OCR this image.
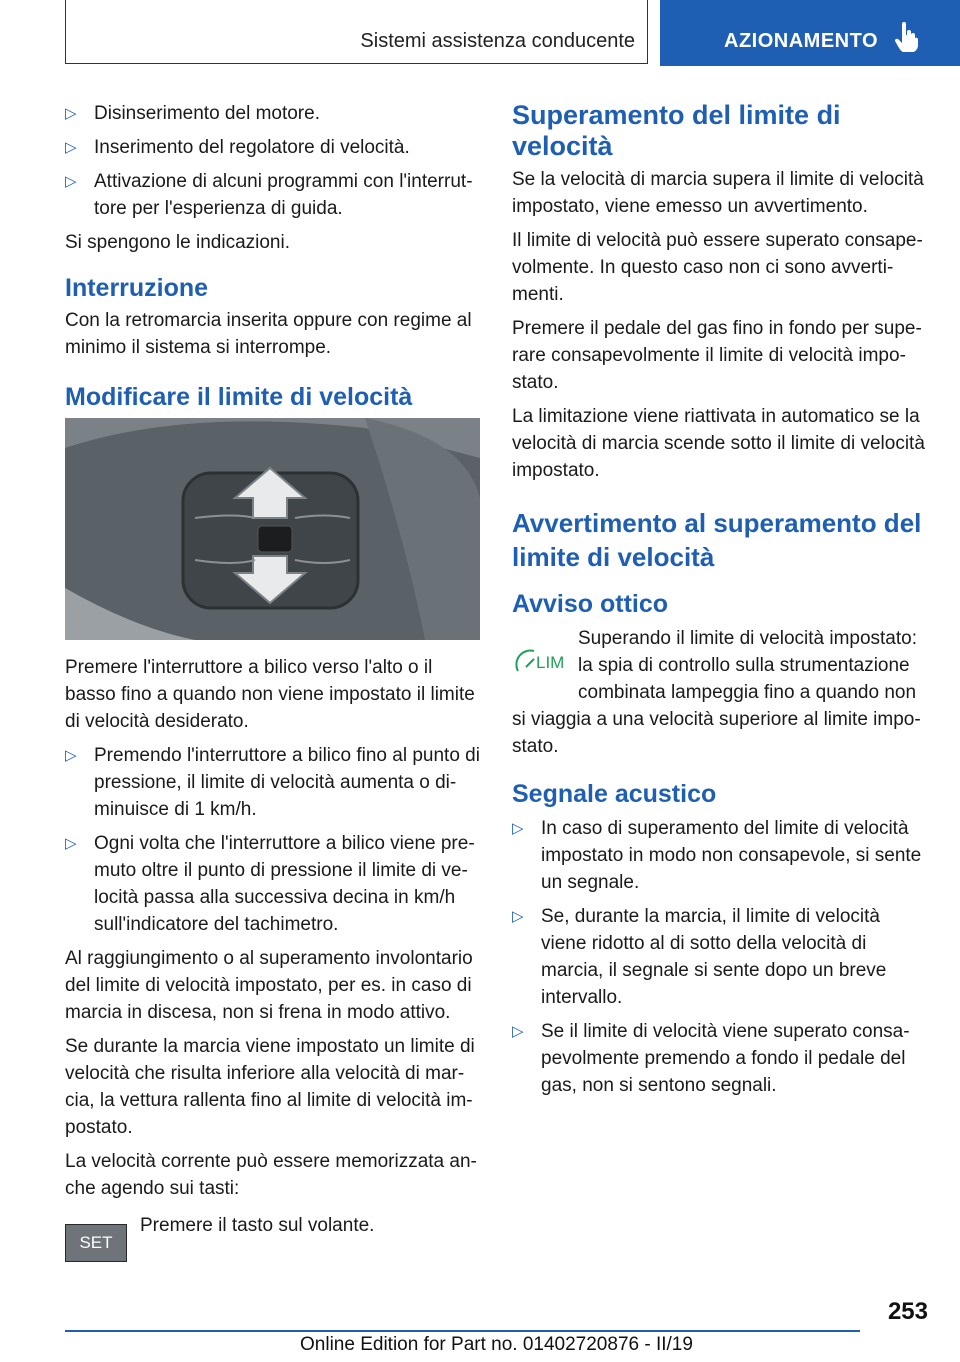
Sistemi assistenza conducente	AZIONAMENTO
▷ Disinserimento del motore.
▷ Inserimento del regolatore di velocità.
▷ Attivazione di alcuni programmi con l'interruttore per l'esperienza di guida.

Si spengono le indicazioni.

Interruzione

Con la retromarcia inserita oppure con regime al minimo il sistema si interrompe.

Modificare il limite di velocità

Premere l'interruttore a bilico verso l'alto o il basso fino a quando non viene impostato il limite di velocità desiderato.

▷ Premendo l'interruttore a bilico fino al punto di pressione, il limite di velocità aumenta o diminuisce di 1 km/h.
▷ Ogni volta che l'interruttore a bilico viene premuto oltre il punto di pressione il limite di velocità passa alla successiva decina in km/h sull'indicatore del tachimetro.

Al raggiungimento o al superamento involontario del limite di velocità impostato, per es. in caso di marcia in discesa, non si frena in modo attivo.

Se durante la marcia viene impostato un limite di velocità che risulta inferiore alla velocità di marcia, la vettura rallenta fino al limite di velocità impostato.

La velocità corrente può essere memorizzata anche agendo sui tasti:

SET

Premere il tasto sul volante.

Superamento del limite di velocità

Se la velocità di marcia supera il limite di velocità impostato, viene emesso un avvertimento.

Il limite di velocità può essere superato consapevolmente. In questo caso non ci sono avvertimenti.

Premere il pedale del gas fino in fondo per superare consapevolmente il limite di velocità impostato.

La limitazione viene riattivata in automatico se la velocità di marcia scende sotto il limite di velocità impostato.

Avvertimento al superamento del limite di velocità
Avviso ottico
LIM

Superando il limite di velocità impostato: la spia di controllo sulla strumentazione combinata lampeggia fino a quando non si viaggia a una velocità superiore al limite impostato.

Segnale acustico
▷ In caso di superamento del limite di velocità impostato in modo non consapevole, si sente un segnale.
▷ Se, durante la marcia, il limite di velocità viene ridotto al di sotto della velocità di marcia, il segnale si sente dopo un breve intervallo.
▷ Se il limite di velocità viene superato consapevolmente premendo a fondo il pedale del gas, non si sentono segnali.
253
Online Edition for Part no. 01402720876 - II/19
